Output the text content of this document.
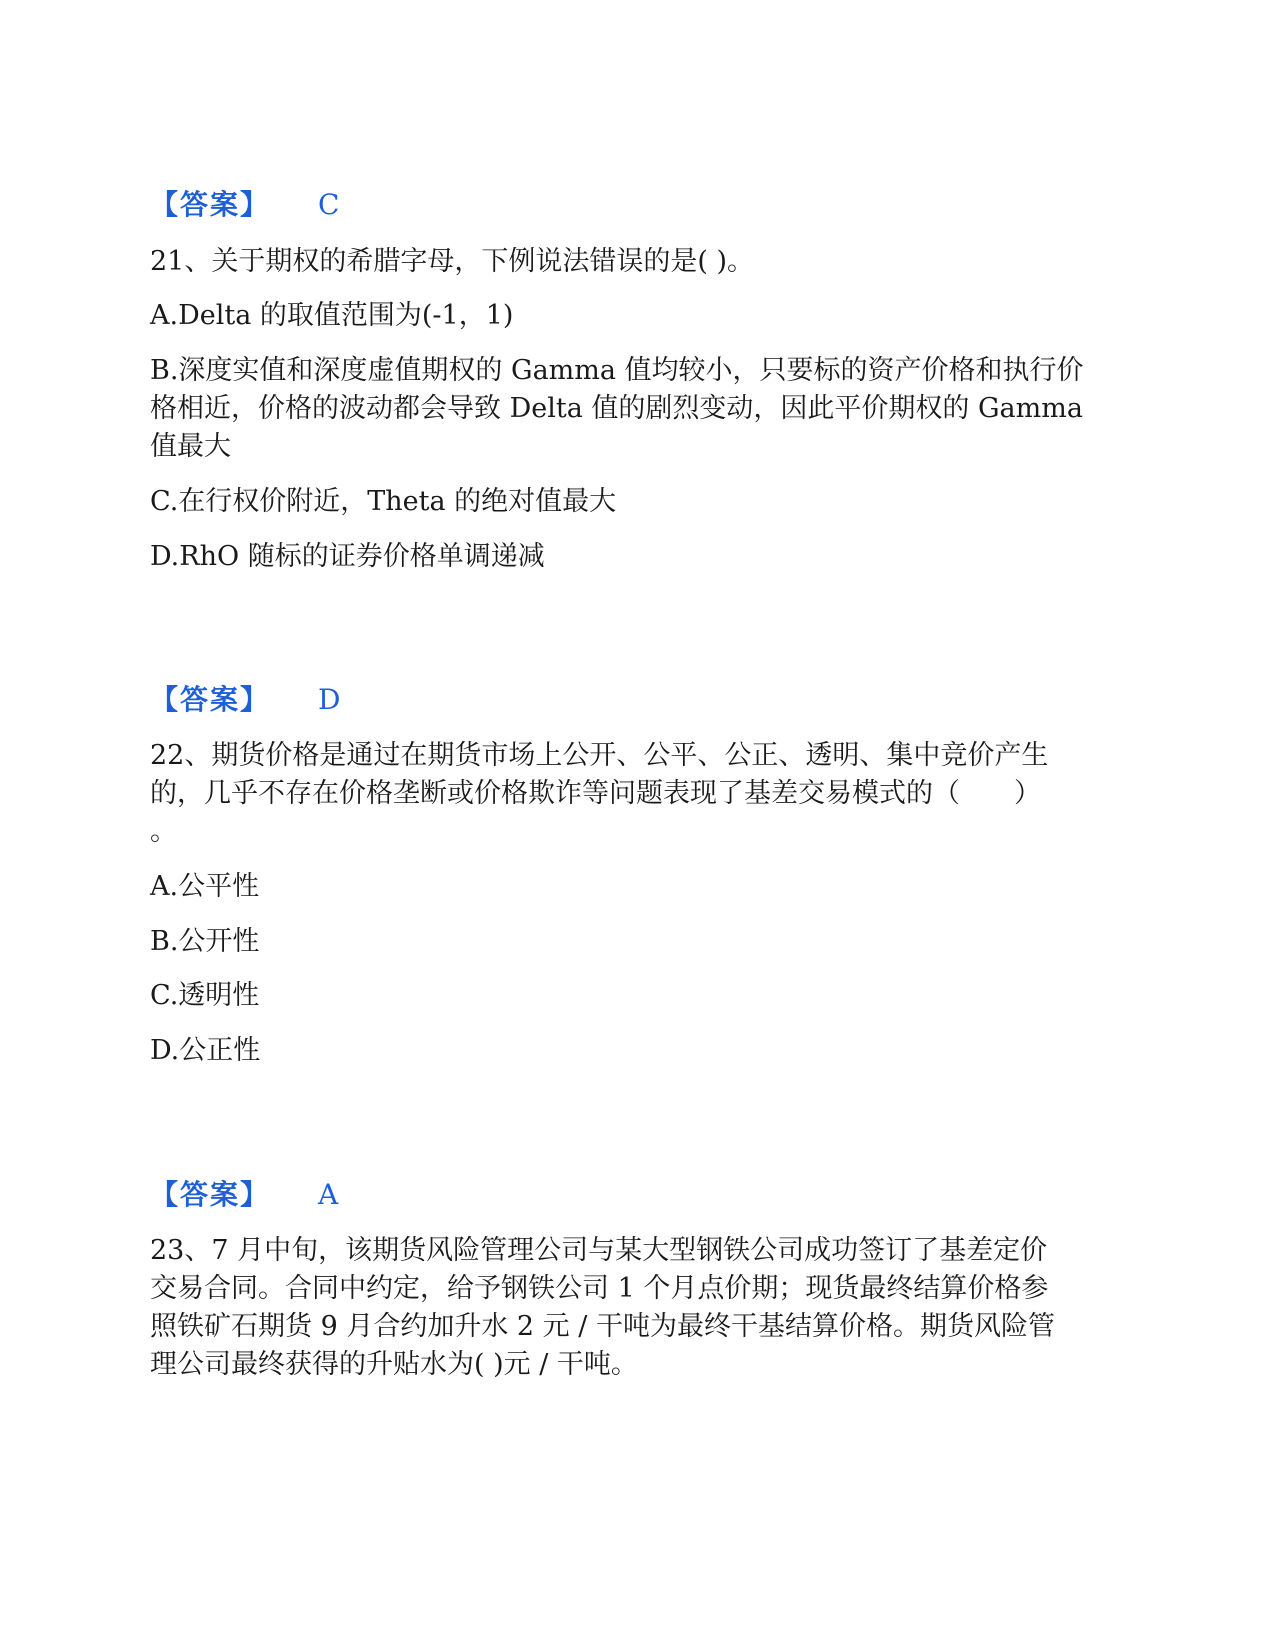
【答案】 C
21、关于期权的希腊字母，下例说法错误的是( )。
A.Delta 的取值范围为(-1，1)
B.深度实值和深度虚值期权的 Gamma 值均较小，只要标的资产价格和执行价
格相近，价格的波动都会导致 Delta 值的剧烈变动，因此平价期权的 Gamma
值最大
C.在行权价附近，Theta 的绝对值最大
D.RhO 随标的证券价格单调递减
【答案】 D
22、期货价格是通过在期货市场上公开、公平、公正、透明、集中竞价产生
的，几乎不存在价格垄断或价格欺诈等问题表现了基差交易模式的（　　）
。
A.公平性
B.公开性
C.透明性
D.公正性
【答案】 A
23、7 月中旬，该期货风险管理公司与某大型钢铁公司成功签订了基差定价
交易合同。合同中约定，给予钢铁公司 1 个月点价期；现货最终结算价格参
照铁矿石期货 9 月合约加升水 2 元 / 干吨为最终干基结算价格。期货风险管
理公司最终获得的升贴水为( )元 / 干吨。
